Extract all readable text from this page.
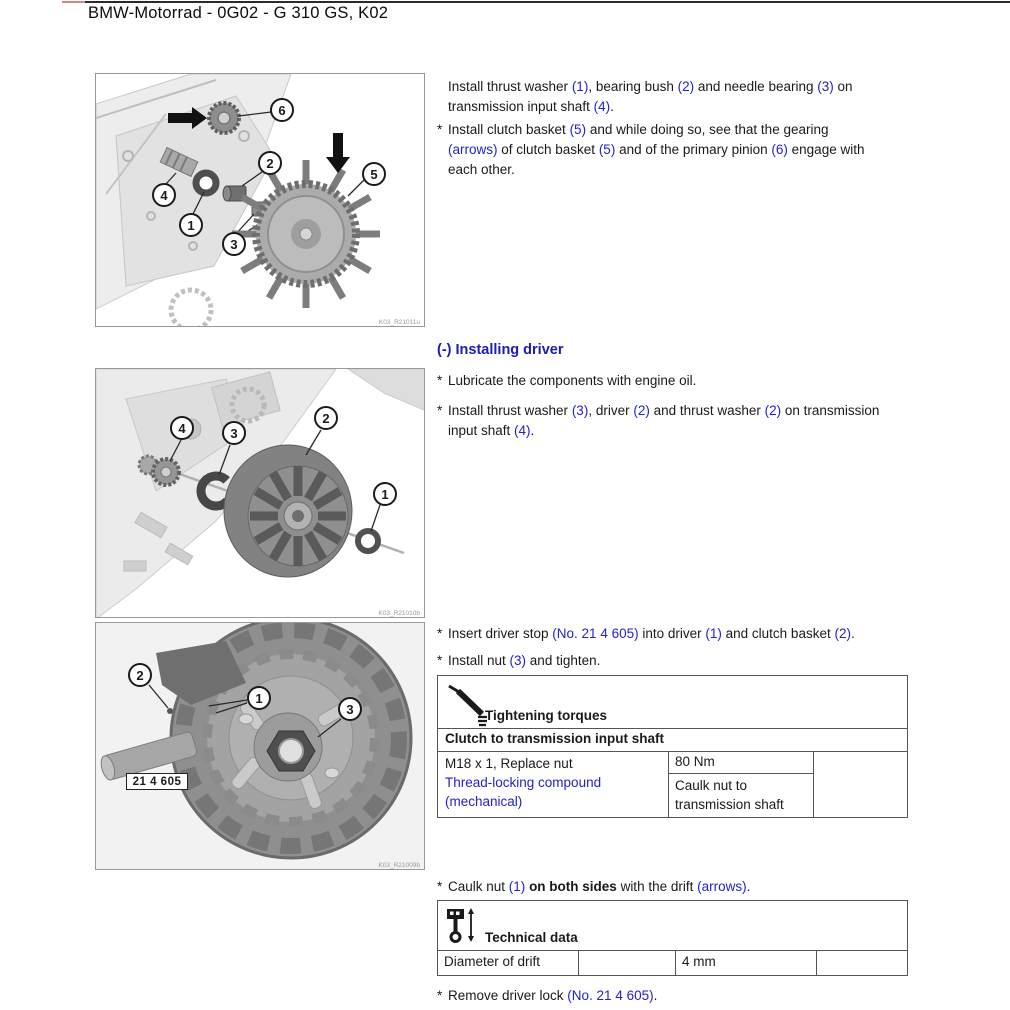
BMW-Motorrad - 0G02 - G 310 GS, K02
K03_R21011u
1
2
3
4
5
6
K03_R21010b
1
2
3
4
K03_R21009b
1
2
3
21 4 605
Install thrust washer (1), bearing bush (2) and needle bearing (3) on
transmission input shaft (4).
* Install clutch basket (5) and while doing so, see that the gearing
(arrows) of clutch basket (5) and of the primary pinion (6) engage with
each other.
(-) Installing driver
* Lubricate the components with engine oil.
* Install thrust washer (3), driver (2) and thrust washer (2) on transmission
input shaft (4).
* Insert driver stop (No. 21 4 605) into driver (1) and clutch basket (2).
* Install nut (3) and tighten.
Tightening torques
Clutch to transmission input shaft
M18 x 1, Replace nut
Thread-locking compound
(mechanical)
80 Nm
Caulk nut to
transmission shaft
* Caulk nut (1) on both sides with the drift (arrows).
Technical data
Diameter of drift	4 mm
* Remove driver lock (No. 21 4 605).
